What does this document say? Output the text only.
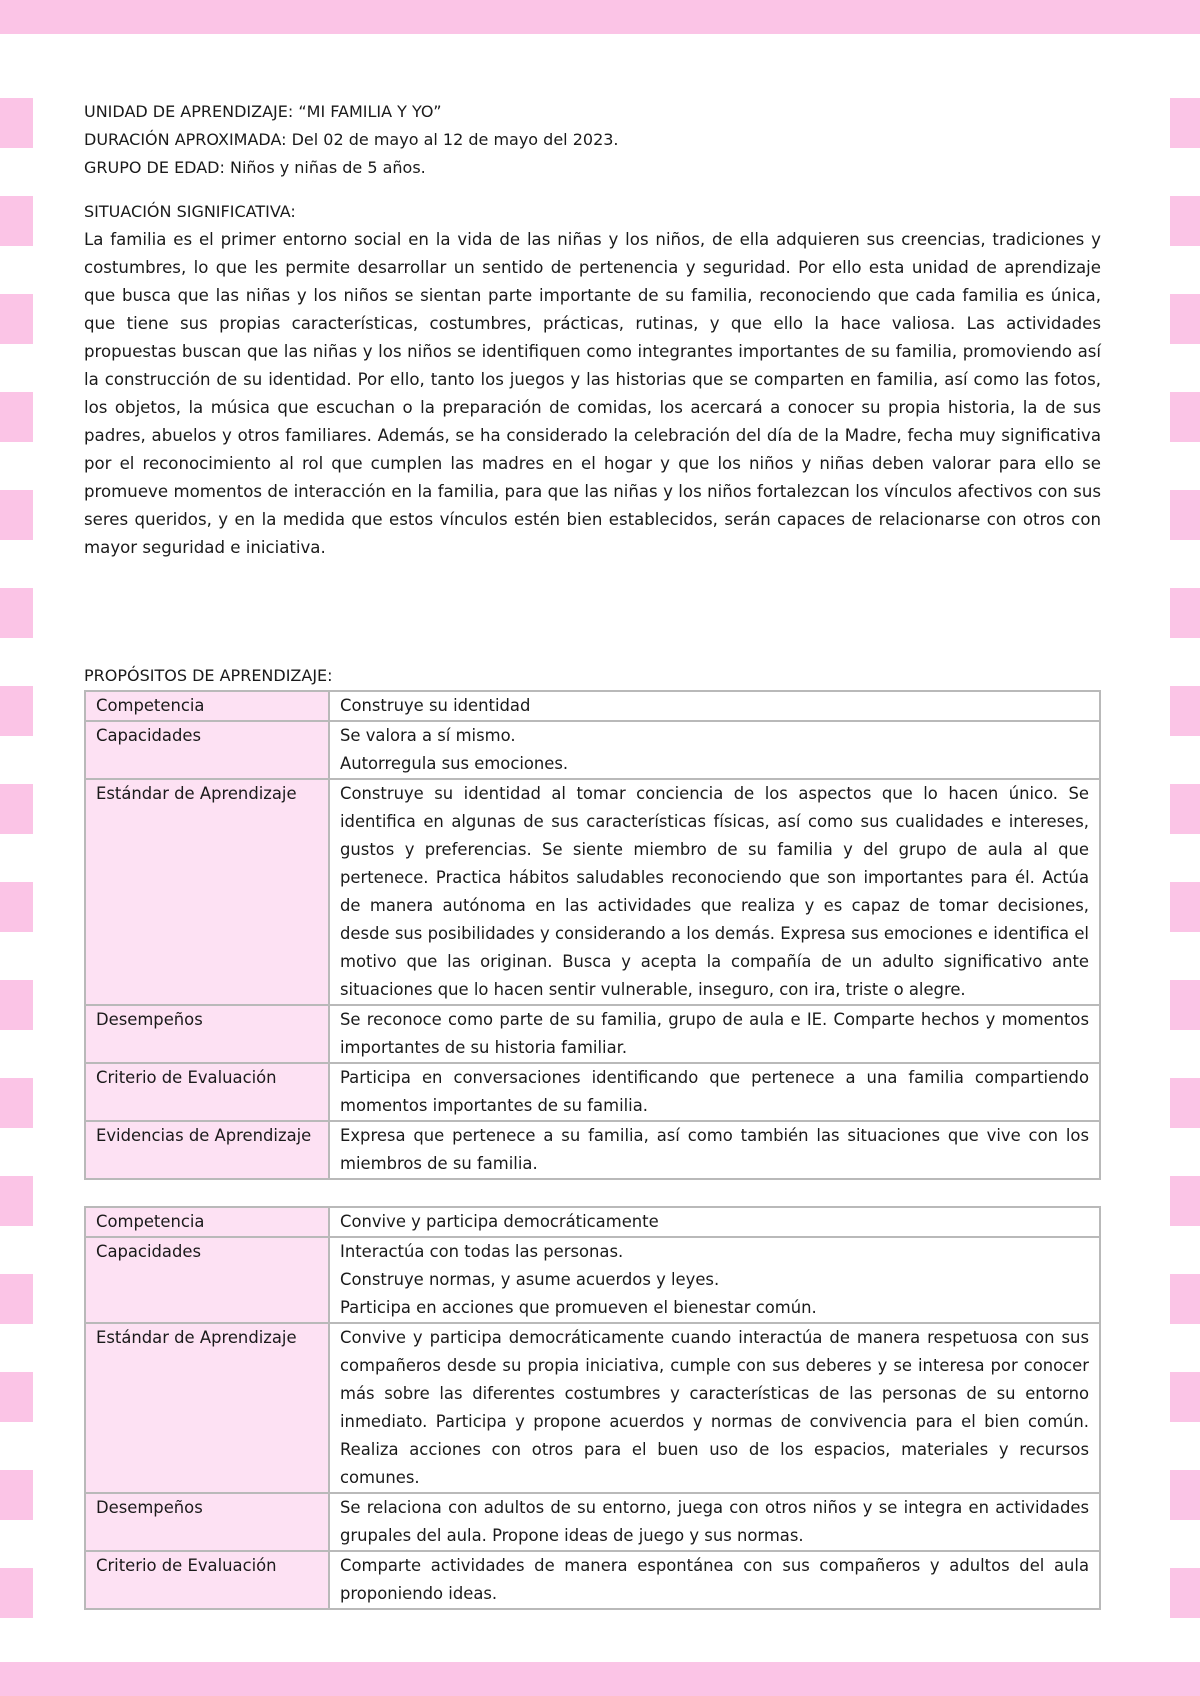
UNIDAD DE APRENDIZAJE: “MI FAMILIA Y YO”
DURACIÓN APROXIMADA: Del 02 de mayo al 12 de mayo del 2023.
GRUPO DE EDAD: Niños y niñas de 5 años.
SITUACIÓN SIGNIFICATIVA:

La familia es el primer entorno social en la vida de las niñas y los niños, de ella adquieren sus creencias, tradiciones y costumbres, lo que les permite desarrollar un sentido de pertenencia y seguridad. Por ello esta unidad de aprendizaje que busca que las niñas y los niños se sientan parte importante de su familia, reconociendo que cada familia es única, que tiene sus propias características, costumbres, prácticas, rutinas, y que ello la hace valiosa. Las actividades propuestas buscan que las niñas y los niños se identifiquen como integrantes importantes de su familia, promoviendo así la construcción de su identidad. Por ello, tanto los juegos y las historias que se comparten en familia, así como las fotos, los objetos, la música que escuchan o la preparación de comidas, los acercará a conocer su propia historia, la de sus padres, abuelos y otros familiares. Además, se ha considerado la celebración del día de la Madre, fecha muy significativa por el reconocimiento al rol que cumplen las madres en el hogar y que los niños y niñas deben valorar para ello se promueve momentos de interacción en la familia, para que las niñas y los niños fortalezcan los vínculos afectivos con sus seres queridos, y en la medida que estos vínculos estén bien establecidos, serán capaces de relacionarse con otros con mayor seguridad e iniciativa.

PROPÓSITOS DE APRENDIZAJE:
Competencia	Construye su identidad
Capacidades	Se valora a sí mismo.
Autorregula sus emociones.

Estándar de Aprendizaje	Construye su identidad al tomar conciencia de los aspectos que lo hacen único. Se identifica en algunas de sus características físicas, así como sus cualidades e intereses, gustos y preferencias. Se siente miembro de su familia y del grupo de aula al que pertenece. Practica hábitos saludables reconociendo que son importantes para él. Actúa de manera autónoma en las actividades que realiza y es capaz de tomar decisiones, desde sus posibilidades y considerando a los demás. Expresa sus emociones e identifica el motivo que las originan. Busca y acepta la compañía de un adulto significativo ante situaciones que lo hacen sentir vulnerable, inseguro, con ira, triste o alegre.
Desempeños	Se reconoce como parte de su familia, grupo de aula e IE. Comparte hechos y momentos importantes de su historia familiar.
Criterio de Evaluación	Participa en conversaciones identificando que pertenece a una familia compartiendo momentos importantes de su familia.
Evidencias de Aprendizaje	Expresa que pertenece a su familia, así como también las situaciones que vive con los miembros de su familia.
Competencia	Convive y participa democráticamente
Capacidades	Interactúa con todas las personas.
Construye normas, y asume acuerdos y leyes.
Participa en acciones que promueven el bienestar común.

Estándar de Aprendizaje	Convive y participa democráticamente cuando interactúa de manera respetuosa con sus compañeros desde su propia iniciativa, cumple con sus deberes y se interesa por conocer más sobre las diferentes costumbres y características de las personas de su entorno inmediato. Participa y propone acuerdos y normas de convivencia para el bien común. Realiza acciones con otros para el buen uso de los espacios, materiales y recursos comunes.
Desempeños	Se relaciona con adultos de su entorno, juega con otros niños y se integra en actividades grupales del aula. Propone ideas de juego y sus normas.
Criterio de Evaluación	Comparte actividades de manera espontánea con sus compañeros y adultos del aula proponiendo ideas.
